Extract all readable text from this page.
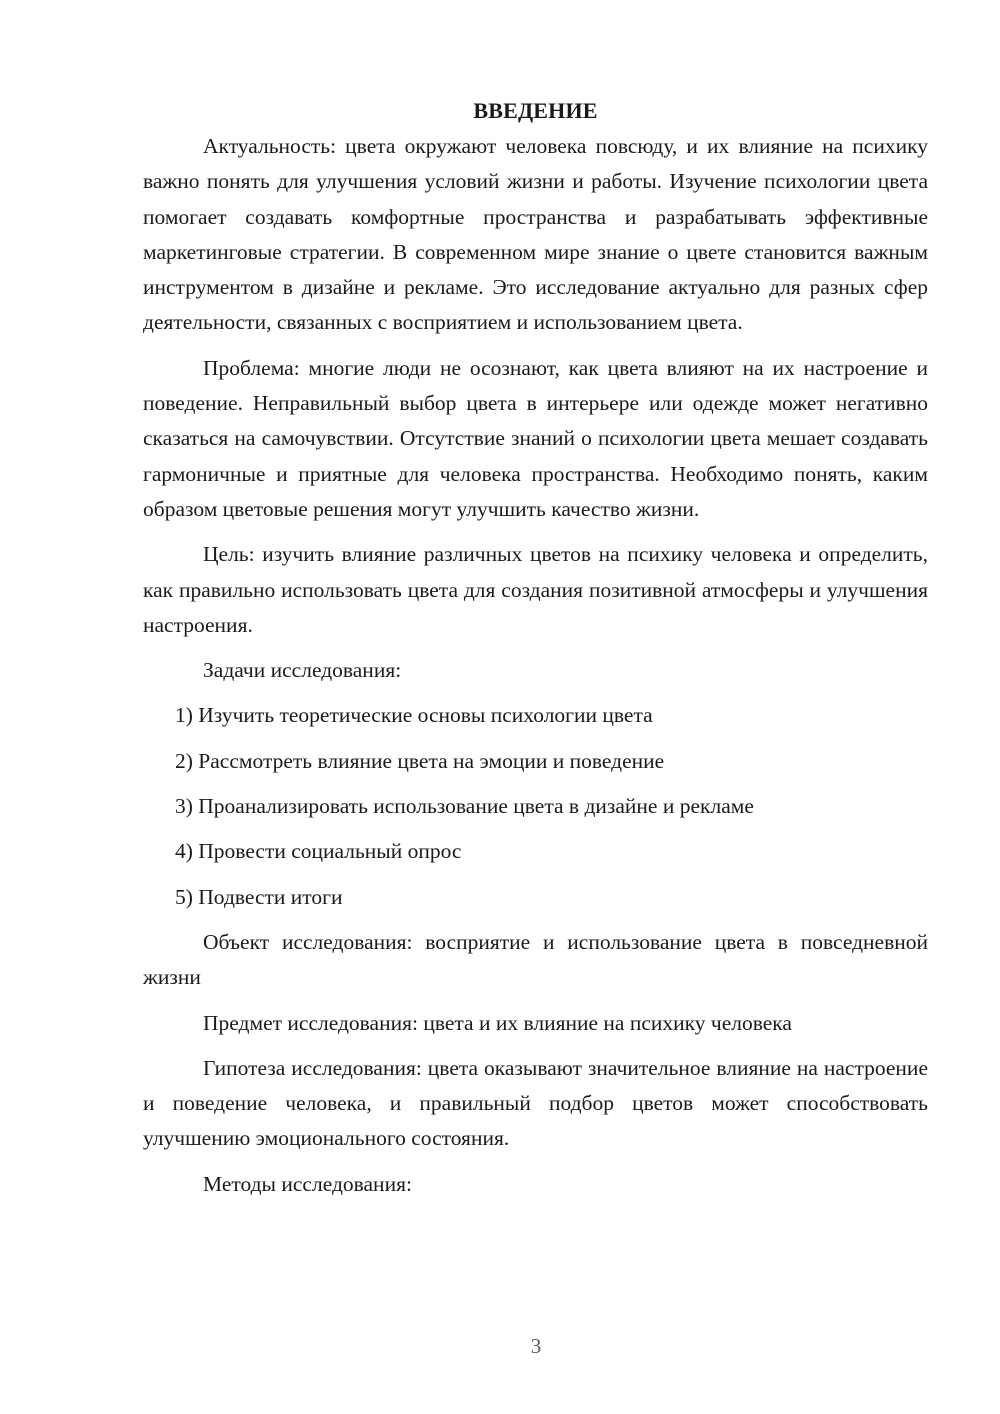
ВВЕДЕНИЕ

Актуальность: цвета окружают человека повсюду, и их влияние на психику важно понять для улучшения условий жизни и работы. Изучение психологии цвета помогает создавать комфортные пространства и разрабатывать эффективные маркетинговые стратегии. В современном мире знание о цвете становится важным инструментом в дизайне и рекламе. Это исследование актуально для разных сфер деятельности, связанных с восприятием и использованием цвета.

Проблема: многие люди не осознают, как цвета влияют на их настроение и поведение. Неправильный выбор цвета в интерьере или одежде может негативно сказаться на самочувствии. Отсутствие знаний о психологии цвета мешает создавать гармоничные и приятные для человека пространства. Необходимо понять, каким образом цветовые решения могут улучшить качество жизни.

Цель: изучить влияние различных цветов на психику человека и определить, как правильно использовать цвета для создания позитивной атмосферы и улучшения настроения.

Задачи исследования:

1) Изучить теоретические основы психологии цвета
2) Рассмотреть влияние цвета на эмоции и поведение
3) Проанализировать использование цвета в дизайне и рекламе
4) Провести социальный опрос
5) Подвести итоги

Объект исследования: восприятие и использование цвета в повседневной жизни

Предмет исследования: цвета и их влияние на психику человека

Гипотеза исследования: цвета оказывают значительное влияние на настроение и поведение человека, и правильный подбор цветов может способствовать улучшению эмоционального состояния.

Методы исследования:

3
